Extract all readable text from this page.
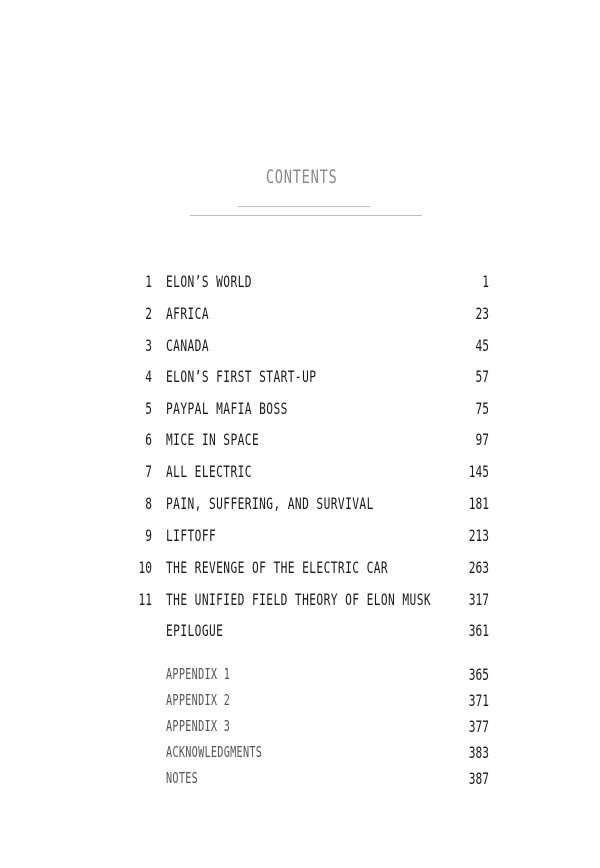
CONTENTS
1 ELON’S WORLD	1
2 AFRICA	23
3 CANADA	45
4 ELON’S FIRST START-UP	57
5 PAYPAL MAFIA BOSS	75
6 MICE IN SPACE	97
7 ALL ELECTRIC	145
8 PAIN, SUFFERING, AND SURVIVAL	181
9 LIFTOFF	213
10 THE REVENGE OF THE ELECTRIC CAR	263
11 THE UNIFIED FIELD THEORY OF ELON MUSK	317
EPILOGUE	361
APPENDIX 1	365
APPENDIX 2	371
APPENDIX 3	377
ACKNOWLEDGMENTS	383
NOTES	387
